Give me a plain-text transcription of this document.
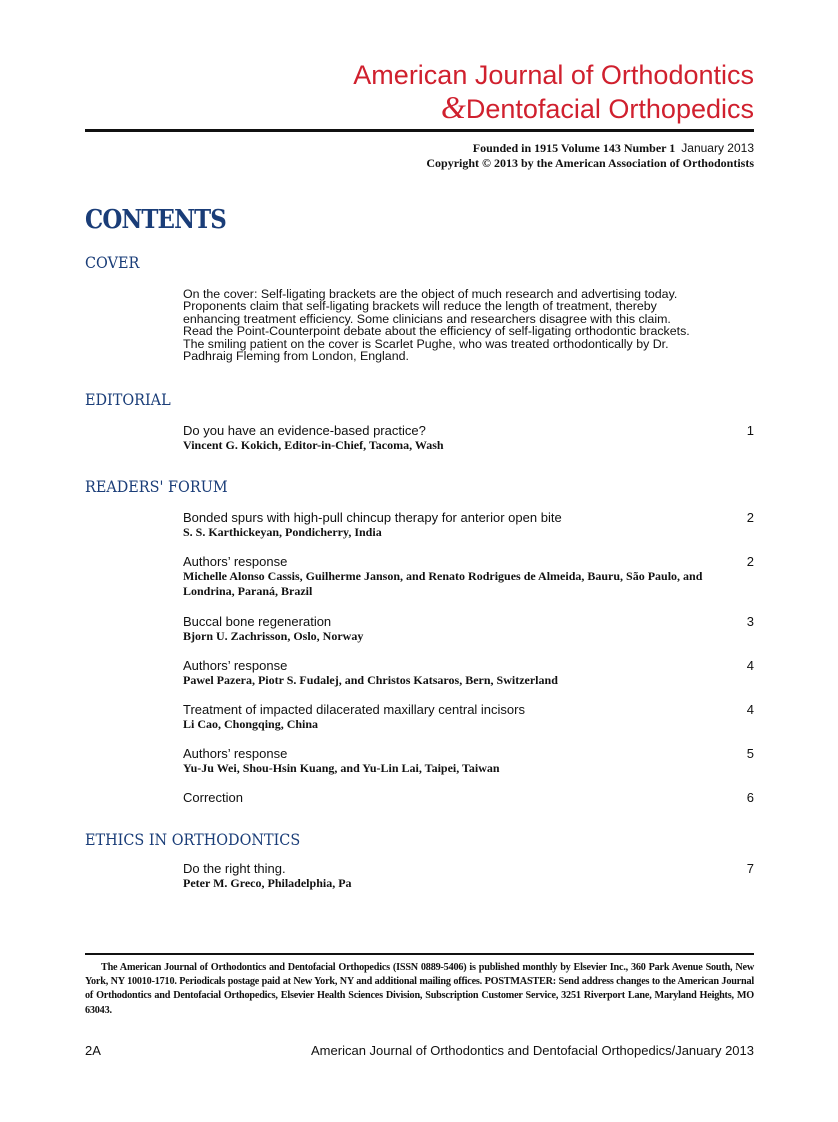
American Journal of Orthodontics
&Dentofacial Orthopedics
Founded in 1915 Volume 143 Number 1 January 2013
Copyright © 2013 by the American Association of Orthodontists
CONTENTS
COVER
On the cover: Self-ligating brackets are the object of much research and advertising today. Proponents claim that self-ligating brackets will reduce the length of treatment, thereby enhancing treatment efficiency. Some clinicians and researchers disagree with this claim. Read the Point-Counterpoint debate about the efficiency of self-ligating orthodontic brackets. The smiling patient on the cover is Scarlet Pughe, who was treated orthodontically by Dr. Padhraig Fleming from London, England.
EDITORIAL
Do you have an evidence-based practice?
Vincent G. Kokich, Editor-in-Chief, Tacoma, Wash
1
READERS' FORUM
Bonded spurs with high-pull chincup therapy for anterior open bite
S. S. Karthickeyan, Pondicherry, India
2
Authors’ response
Michelle Alonso Cassis, Guilherme Janson, and Renato Rodrigues de Almeida, Bauru, São Paulo, and Londrina, Paraná, Brazil
2
Buccal bone regeneration
Bjorn U. Zachrisson, Oslo, Norway
3
Authors’ response
Pawel Pazera, Piotr S. Fudalej, and Christos Katsaros, Bern, Switzerland
4
Treatment of impacted dilacerated maxillary central incisors
Li Cao, Chongqing, China
4
Authors’ response
Yu-Ju Wei, Shou-Hsin Kuang, and Yu-Lin Lai, Taipei, Taiwan
5
Correction	6
ETHICS IN ORTHODONTICS
Do the right thing.
Peter M. Greco, Philadelphia, Pa
7
The American Journal of Orthodontics and Dentofacial Orthopedics (ISSN 0889-5406) is published monthly by Elsevier Inc., 360 Park Avenue South, New York, NY 10010-1710. Periodicals postage paid at New York, NY and additional mailing offices. POSTMASTER: Send address changes to the American Journal of Orthodontics and Dentofacial Orthopedics, Elsevier Health Sciences Division, Subscription Customer Service, 3251 Riverport Lane, Maryland Heights, MO 63043.
2A	American Journal of Orthodontics and Dentofacial Orthopedics/January 2013
